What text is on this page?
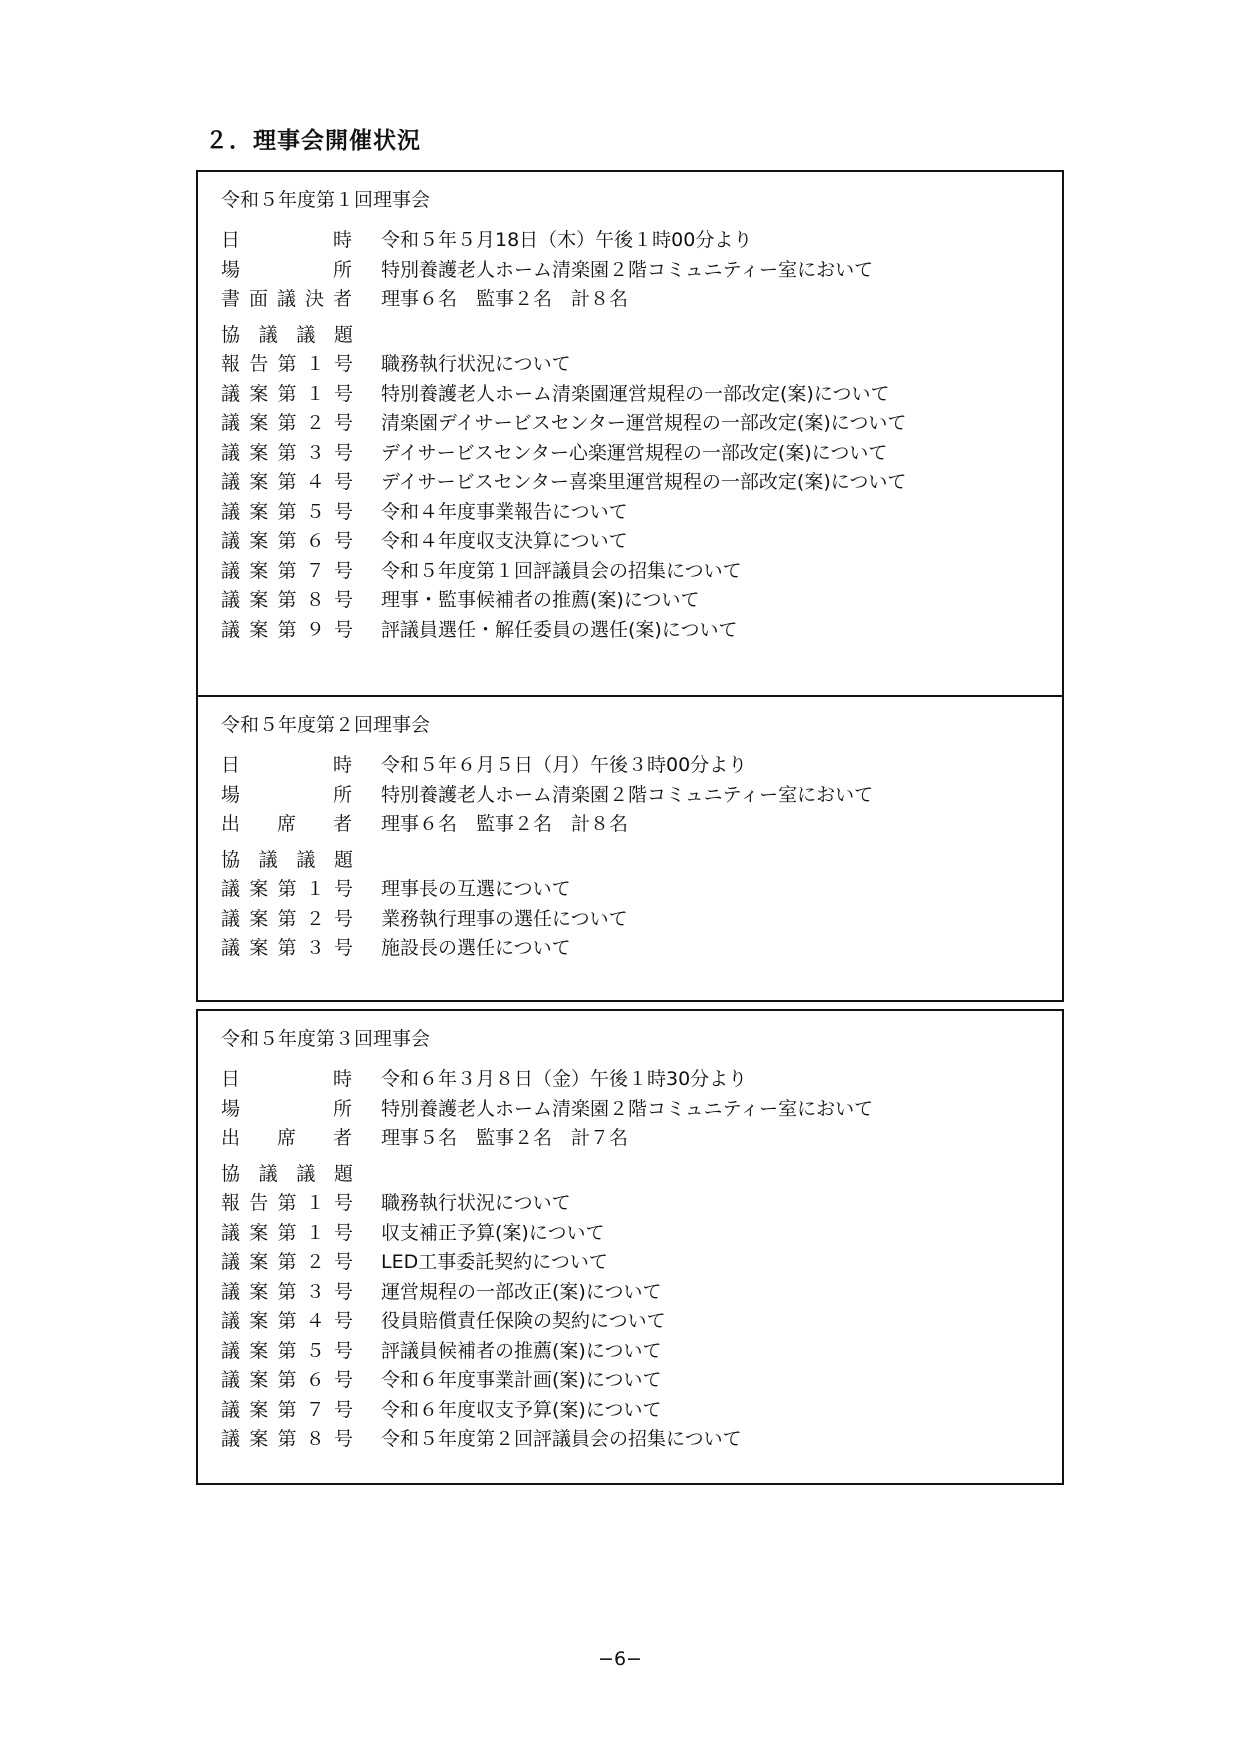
２．理事会開催状況
令和５年度第１回理事会
日	時 令和５年５月18日（木）午後１時00分より
場	所 特別養護老人ホーム清楽園２階コミュニティー室において
書 面 議 決 者 理事６名　監事２名　計８名
協 議 議 題
報 告 第 １ 号 職務執行状況について
議 案 第 １ 号 特別養護老人ホーム清楽園運営規程の一部改定(案)について
議 案 第 ２ 号 清楽園デイサービスセンター運営規程の一部改定(案)について
議 案 第 ３ 号 デイサービスセンター心楽運営規程の一部改定(案)について
議 案 第 ４ 号 デイサービスセンター喜楽里運営規程の一部改定(案)について
議 案 第 ５ 号 令和４年度事業報告について
議 案 第 ６ 号 令和４年度収支決算について
議 案 第 ７ 号 令和５年度第１回評議員会の招集について
議 案 第 ８ 号 理事・監事候補者の推薦(案)について
議 案 第 ９ 号 評議員選任・解任委員の選任(案)について
令和５年度第２回理事会
日	時 令和５年６月５日（月）午後３時00分より
場	所 特別養護老人ホーム清楽園２階コミュニティー室において
出 席 者 理事６名　監事２名　計８名
協 議 議 題
議 案 第 １ 号 理事長の互選について
議 案 第 ２ 号 業務執行理事の選任について
議 案 第 ３ 号 施設長の選任について
令和５年度第３回理事会
日	時 令和６年３月８日（金）午後１時30分より
場	所 特別養護老人ホーム清楽園２階コミュニティー室において
出 席 者 理事５名　監事２名　計７名
協 議 議 題
報 告 第 １ 号 職務執行状況について
議 案 第 １ 号 収支補正予算(案)について
議 案 第 ２ 号 LED工事委託契約について
議 案 第 ３ 号 運営規程の一部改正(案)について
議 案 第 ４ 号 役員賠償責任保険の契約について
議 案 第 ５ 号 評議員候補者の推薦(案)について
議 案 第 ６ 号 令和６年度事業計画(案)について
議 案 第 ７ 号 令和６年度収支予算(案)について
議 案 第 ８ 号 令和５年度第２回評議員会の招集について
−6−
